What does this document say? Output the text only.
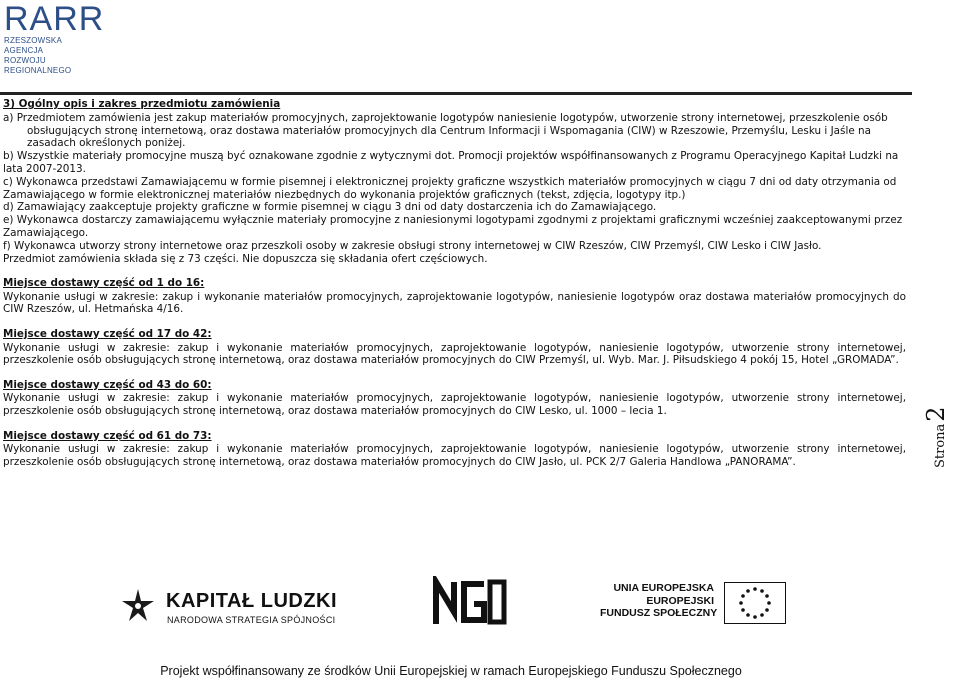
RARR
RZESZOWSKA AGENCJA
ROZWOJU REGIONALNEGO

3) Ogólny opis i zakres przedmiotu zamówienia

a) Przedmiotem zamówienia jest zakup materiałów promocyjnych, zaprojektowanie logotypów naniesienie logotypów, utworzenie strony internetowej, przeszkolenie osób

obsługujących stronę internetową, oraz dostawa materiałów promocyjnych dla Centrum Informacji i Wspomagania (CIW) w Rzeszowie, Przemyślu, Lesku i Jaśle na

zasadach określonych poniżej.

b) Wszystkie materiały promocyjne muszą być oznakowane zgodnie z wytycznymi dot. Promocji projektów współfinansowanych z Programu Operacyjnego Kapitał Ludzki na lata 2007-2013.

c) Wykonawca przedstawi Zamawiającemu w formie pisemnej i elektronicznej projekty graficzne wszystkich materiałów promocyjnych w ciągu 7 dni od daty otrzymania od Zamawiającego w formie elektronicznej materiałów niezbędnych do wykonania projektów graficznych (tekst, zdjęcia, logotypy itp.)

d) Zamawiający zaakceptuje projekty graficzne w formie pisemnej w ciągu 3 dni od daty dostarczenia ich do Zamawiającego.

e) Wykonawca dostarczy zamawiającemu wyłącznie materiały promocyjne z naniesionymi logotypami zgodnymi z projektami graficznymi wcześniej zaakceptowanymi przez Zamawiającego.

f) Wykonawca utworzy strony internetowe oraz przeszkoli osoby w zakresie obsługi strony internetowej w CIW Rzeszów, CIW Przemyśl, CIW Lesko i CIW Jasło.

Przedmiot zamówienia składa się z 73 części. Nie dopuszcza się składania ofert częściowych.

Miejsce dostawy część od 1 do 16:

Wykonanie usługi w zakresie: zakup i wykonanie materiałów promocyjnych, zaprojektowanie logotypów, naniesienie logotypów oraz dostawa materiałów promocyjnych do CIW Rzeszów, ul. Hetmańska 4/16.

Miejsce dostawy część od 17 do 42:

Wykonanie usługi w zakresie: zakup i wykonanie materiałów promocyjnych, zaprojektowanie logotypów, naniesienie logotypów, utworzenie strony internetowej, przeszkolenie osób obsługujących stronę internetową, oraz dostawa materiałów promocyjnych do CIW Przemyśl, ul. Wyb. Mar. J. Piłsudskiego 4 pokój 15, Hotel „GROMADA”.

Miejsce dostawy część od 43 do 60:

Wykonanie usługi w zakresie: zakup i wykonanie materiałów promocyjnych, zaprojektowanie logotypów, naniesienie logotypów, utworzenie strony internetowej, przeszkolenie osób obsługujących stronę internetową, oraz dostawa materiałów promocyjnych do CIW Lesko, ul. 1000 – lecia 1.

Miejsce dostawy część od 61 do 73:

Wykonanie usługi w zakresie: zakup i wykonanie materiałów promocyjnych, zaprojektowanie logotypów, naniesienie logotypów, utworzenie strony internetowej, przeszkolenie osób obsługujących stronę internetową, oraz dostawa materiałów promocyjnych do CIW Jasło, ul. PCK 2/7 Galeria Handlowa „PANORAMA”.	Strona2
KAPITAŁ LUDZKI
NARODOWA STRATEGIA SPÓJNOŚCI
UNIA EUROPEJSKA
EUROPEJSKI
FUNDUSZ SPOŁECZNY
Projekt współfinansowany ze środków Unii Europejskiej w ramach Europejskiego Funduszu Społecznego
